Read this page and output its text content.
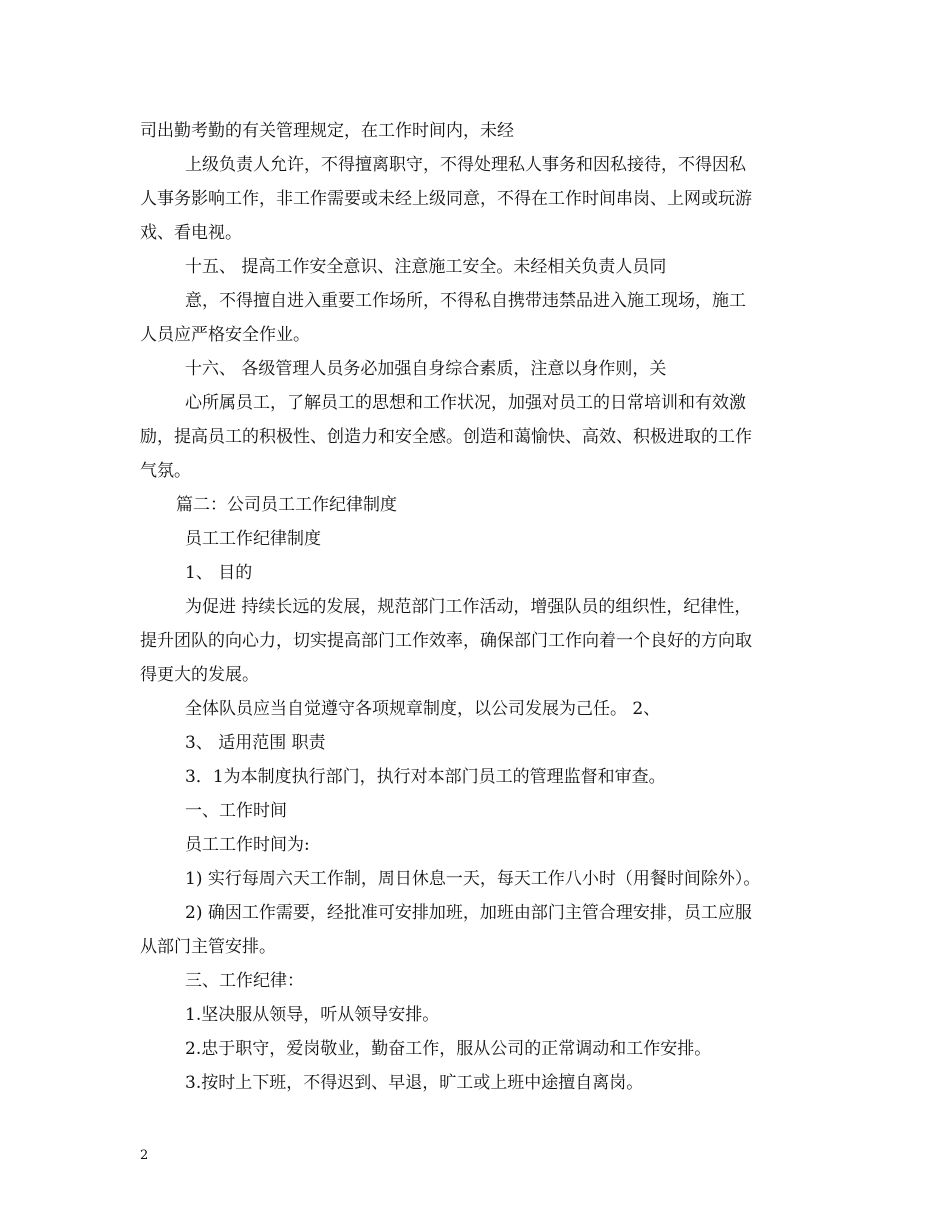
司出勤考勤的有关管理规定，在工作时间内，未经
上级负责人允许，不得擅离职守，不得处理私人事务和因私接待，不得因私
人事务影响工作，非工作需要或未经上级同意，不得在工作时间串岗、上网或玩游
戏、看电视。
十五、 提高工作安全意识、注意施工安全。未经相关负责人员同
意，不得擅自进入重要工作场所，不得私自携带违禁品进入施工现场，施工
人员应严格安全作业。
十六、 各级管理人员务必加强自身综合素质，注意以身作则，关
心所属员工，了解员工的思想和工作状况，加强对员工的日常培训和有效激
励，提高员工的积极性、创造力和安全感。创造和蔼愉快、高效、积极进取的工作
气氛。
篇二：公司员工工作纪律制度
员工工作纪律制度
1、 目的
为促进 持续长远的发展，规范部门工作活动，增强队员的组织性，纪律性，
提升团队的向心力，切实提高部门工作效率，确保部门工作向着一个良好的方向取
得更大的发展。
全体队员应当自觉遵守各项规章制度，以公司发展为己任。 2、
3、 适用范围 职责
3．1为本制度执行部门，执行对本部门员工的管理监督和审查。
一、工作时间
员工工作时间为:
1) 实行每周六天工作制，周日休息一天，每天工作八小时（用餐时间除外）。
2) 确因工作需要，经批准可安排加班，加班由部门主管合理安排，员工应服
从部门主管安排。
三、工作纪律：
1.坚决服从领导，听从领导安排。
2.忠于职守，爱岗敬业，勤奋工作，服从公司的正常调动和工作安排。
3.按时上下班，不得迟到、早退，旷工或上班中途擅自离岗。
2
